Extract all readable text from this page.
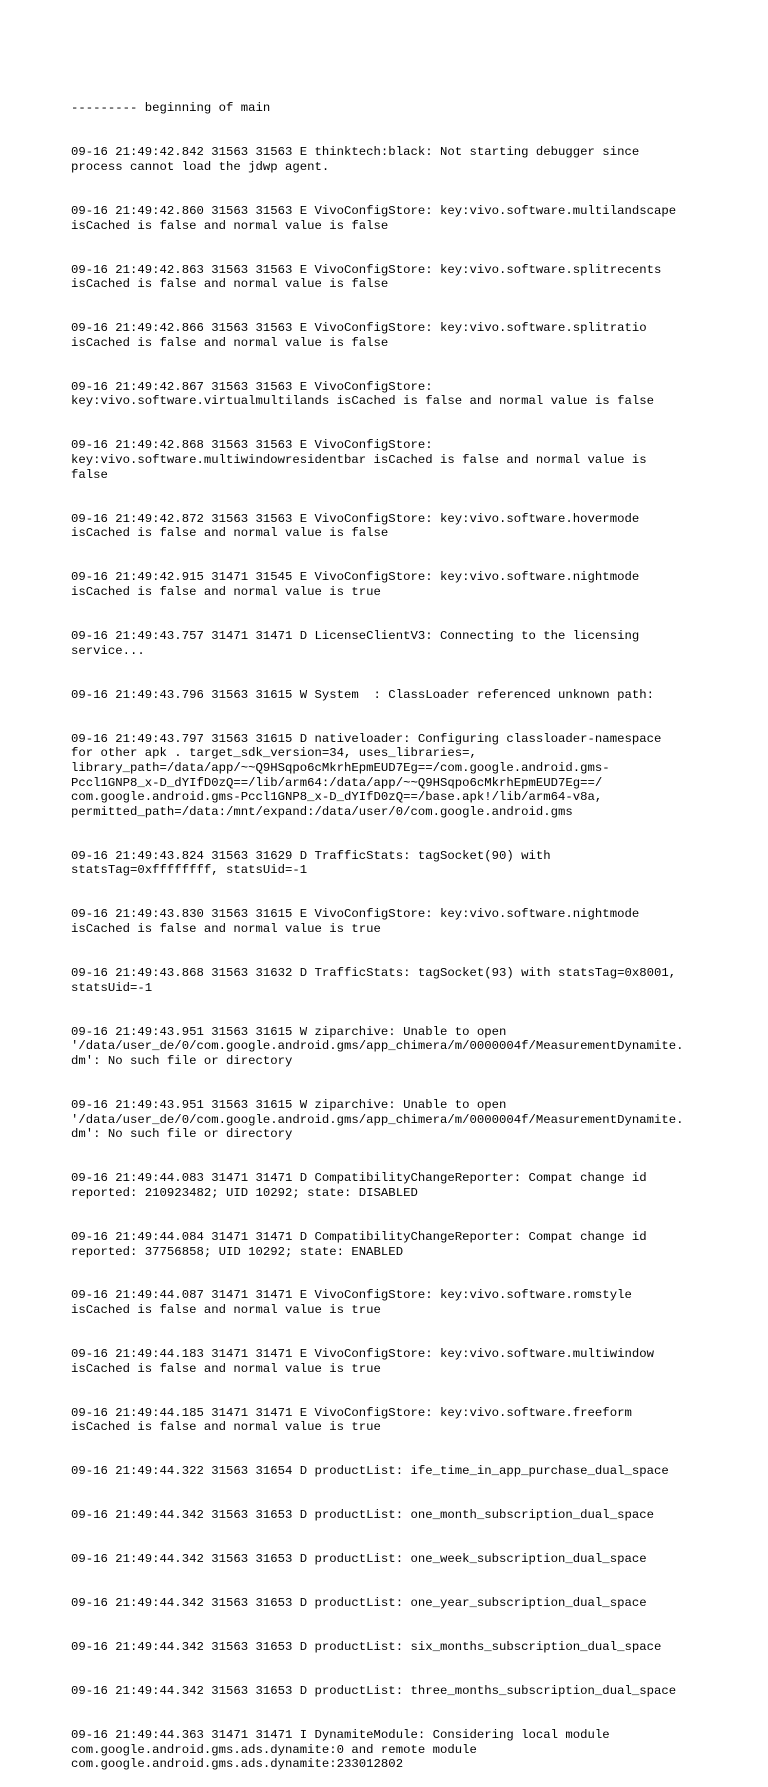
--------- beginning of main

09-16 21:49:42.842 31563 31563 E thinktech:black: Not starting debugger since
process cannot load the jdwp agent.

09-16 21:49:42.860 31563 31563 E VivoConfigStore: key:vivo.software.multilandscape
isCached is false and normal value is false

09-16 21:49:42.863 31563 31563 E VivoConfigStore: key:vivo.software.splitrecents
isCached is false and normal value is false

09-16 21:49:42.866 31563 31563 E VivoConfigStore: key:vivo.software.splitratio
isCached is false and normal value is false

09-16 21:49:42.867 31563 31563 E VivoConfigStore:
key:vivo.software.virtualmultilands isCached is false and normal value is false

09-16 21:49:42.868 31563 31563 E VivoConfigStore:
key:vivo.software.multiwindowresidentbar isCached is false and normal value is
false

09-16 21:49:42.872 31563 31563 E VivoConfigStore: key:vivo.software.hovermode
isCached is false and normal value is false

09-16 21:49:42.915 31471 31545 E VivoConfigStore: key:vivo.software.nightmode
isCached is false and normal value is true

09-16 21:49:43.757 31471 31471 D LicenseClientV3: Connecting to the licensing
service...

09-16 21:49:43.796 31563 31615 W System  : ClassLoader referenced unknown path:

09-16 21:49:43.797 31563 31615 D nativeloader: Configuring classloader-namespace
for other apk . target_sdk_version=34, uses_libraries=,
library_path=/data/app/~~Q9HSqpo6cMkrhEpmEUD7Eg==/com.google.android.gms-
Pccl1GNP8_x-D_dYIfD0zQ==/lib/arm64:/data/app/~~Q9HSqpo6cMkrhEpmEUD7Eg==/
com.google.android.gms-Pccl1GNP8_x-D_dYIfD0zQ==/base.apk!/lib/arm64-v8a,
permitted_path=/data:/mnt/expand:/data/user/0/com.google.android.gms

09-16 21:49:43.824 31563 31629 D TrafficStats: tagSocket(90) with
statsTag=0xffffffff, statsUid=-1

09-16 21:49:43.830 31563 31615 E VivoConfigStore: key:vivo.software.nightmode
isCached is false and normal value is true

09-16 21:49:43.868 31563 31632 D TrafficStats: tagSocket(93) with statsTag=0x8001,
statsUid=-1

09-16 21:49:43.951 31563 31615 W ziparchive: Unable to open
'/data/user_de/0/com.google.android.gms/app_chimera/m/0000004f/MeasurementDynamite.
dm': No such file or directory

09-16 21:49:43.951 31563 31615 W ziparchive: Unable to open
'/data/user_de/0/com.google.android.gms/app_chimera/m/0000004f/MeasurementDynamite.
dm': No such file or directory

09-16 21:49:44.083 31471 31471 D CompatibilityChangeReporter: Compat change id
reported: 210923482; UID 10292; state: DISABLED

09-16 21:49:44.084 31471 31471 D CompatibilityChangeReporter: Compat change id
reported: 37756858; UID 10292; state: ENABLED

09-16 21:49:44.087 31471 31471 E VivoConfigStore: key:vivo.software.romstyle
isCached is false and normal value is true

09-16 21:49:44.183 31471 31471 E VivoConfigStore: key:vivo.software.multiwindow
isCached is false and normal value is true

09-16 21:49:44.185 31471 31471 E VivoConfigStore: key:vivo.software.freeform
isCached is false and normal value is true

09-16 21:49:44.322 31563 31654 D productList: ife_time_in_app_purchase_dual_space

09-16 21:49:44.342 31563 31653 D productList: one_month_subscription_dual_space

09-16 21:49:44.342 31563 31653 D productList: one_week_subscription_dual_space

09-16 21:49:44.342 31563 31653 D productList: one_year_subscription_dual_space

09-16 21:49:44.342 31563 31653 D productList: six_months_subscription_dual_space

09-16 21:49:44.342 31563 31653 D productList: three_months_subscription_dual_space

09-16 21:49:44.363 31471 31471 I DynamiteModule: Considering local module
com.google.android.gms.ads.dynamite:0 and remote module
com.google.android.gms.ads.dynamite:233012802
